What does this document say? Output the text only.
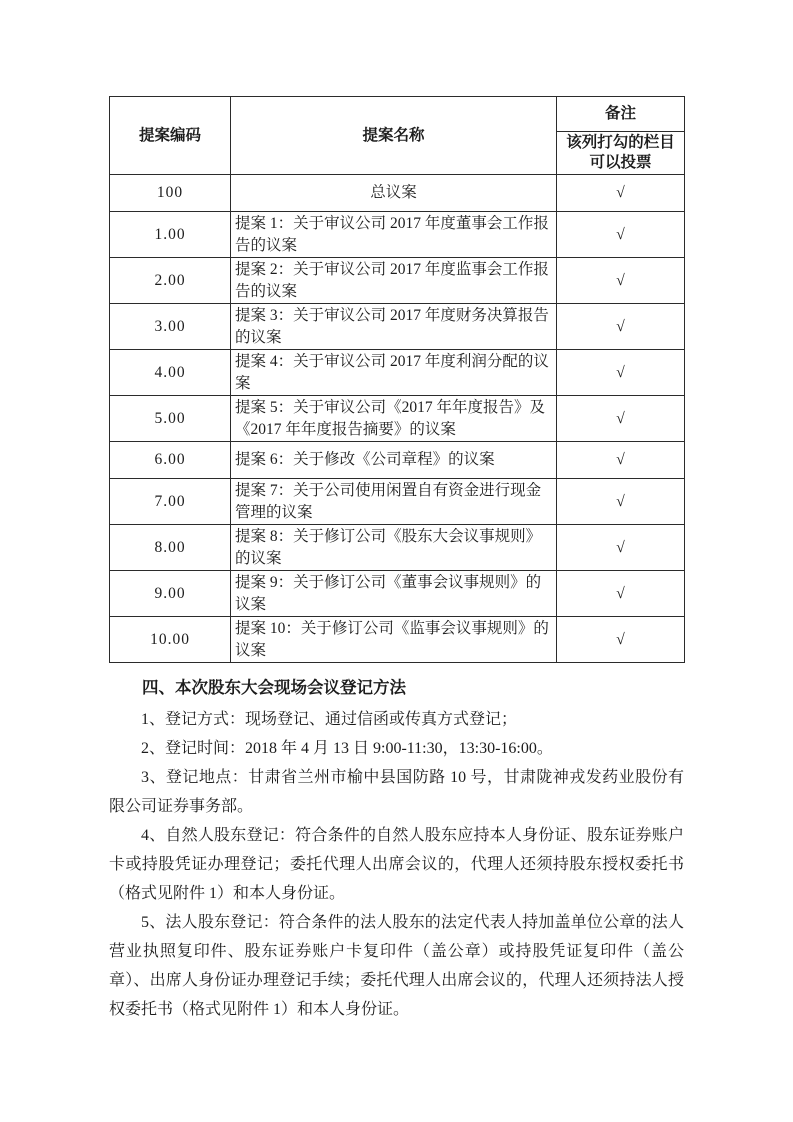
提案编码	提案名称	备注
		该列打勾的栏目可以投票
100	总议案	√
1.00	提案 1：关于审议公司 2017 年度董事会工作报告的议案	√
2.00	提案 2：关于审议公司 2017 年度监事会工作报告的议案	√
3.00	提案 3：关于审议公司 2017 年度财务决算报告的议案	√
4.00	提案 4：关于审议公司 2017 年度利润分配的议案	√
5.00	提案 5：关于审议公司《2017 年年度报告》及《2017 年年度报告摘要》的议案	√
6.00	提案 6：关于修改《公司章程》的议案	√
7.00	提案 7：关于公司使用闲置自有资金进行现金管理的议案	√
8.00	提案 8：关于修订公司《股东大会议事规则》的议案	√
9.00	提案 9：关于修订公司《董事会议事规则》的议案	√
10.00	提案 10：关于修订公司《监事会议事规则》的议案	√
四、本次股东大会现场会议登记方法

1、登记方式：现场登记、通过信函或传真方式登记；

2、登记时间：2018 年 4 月 13 日 9:00-11:30，13:30-16:00。

3、登记地点：甘肃省兰州市榆中县国防路 10 号，甘肃陇神戎发药业股份有限公司证券事务部。

4、自然人股东登记：符合条件的自然人股东应持本人身份证、股东证券账户卡或持股凭证办理登记；委托代理人出席会议的，代理人还须持股东授权委托书（格式见附件 1）和本人身份证。

5、法人股东登记：符合条件的法人股东的法定代表人持加盖单位公章的法人营业执照复印件、股东证券账户卡复印件（盖公章）或持股凭证复印件（盖公章）、出席人身份证办理登记手续；委托代理人出席会议的，代理人还须持法人授权委托书（格式见附件 1）和本人身份证。
